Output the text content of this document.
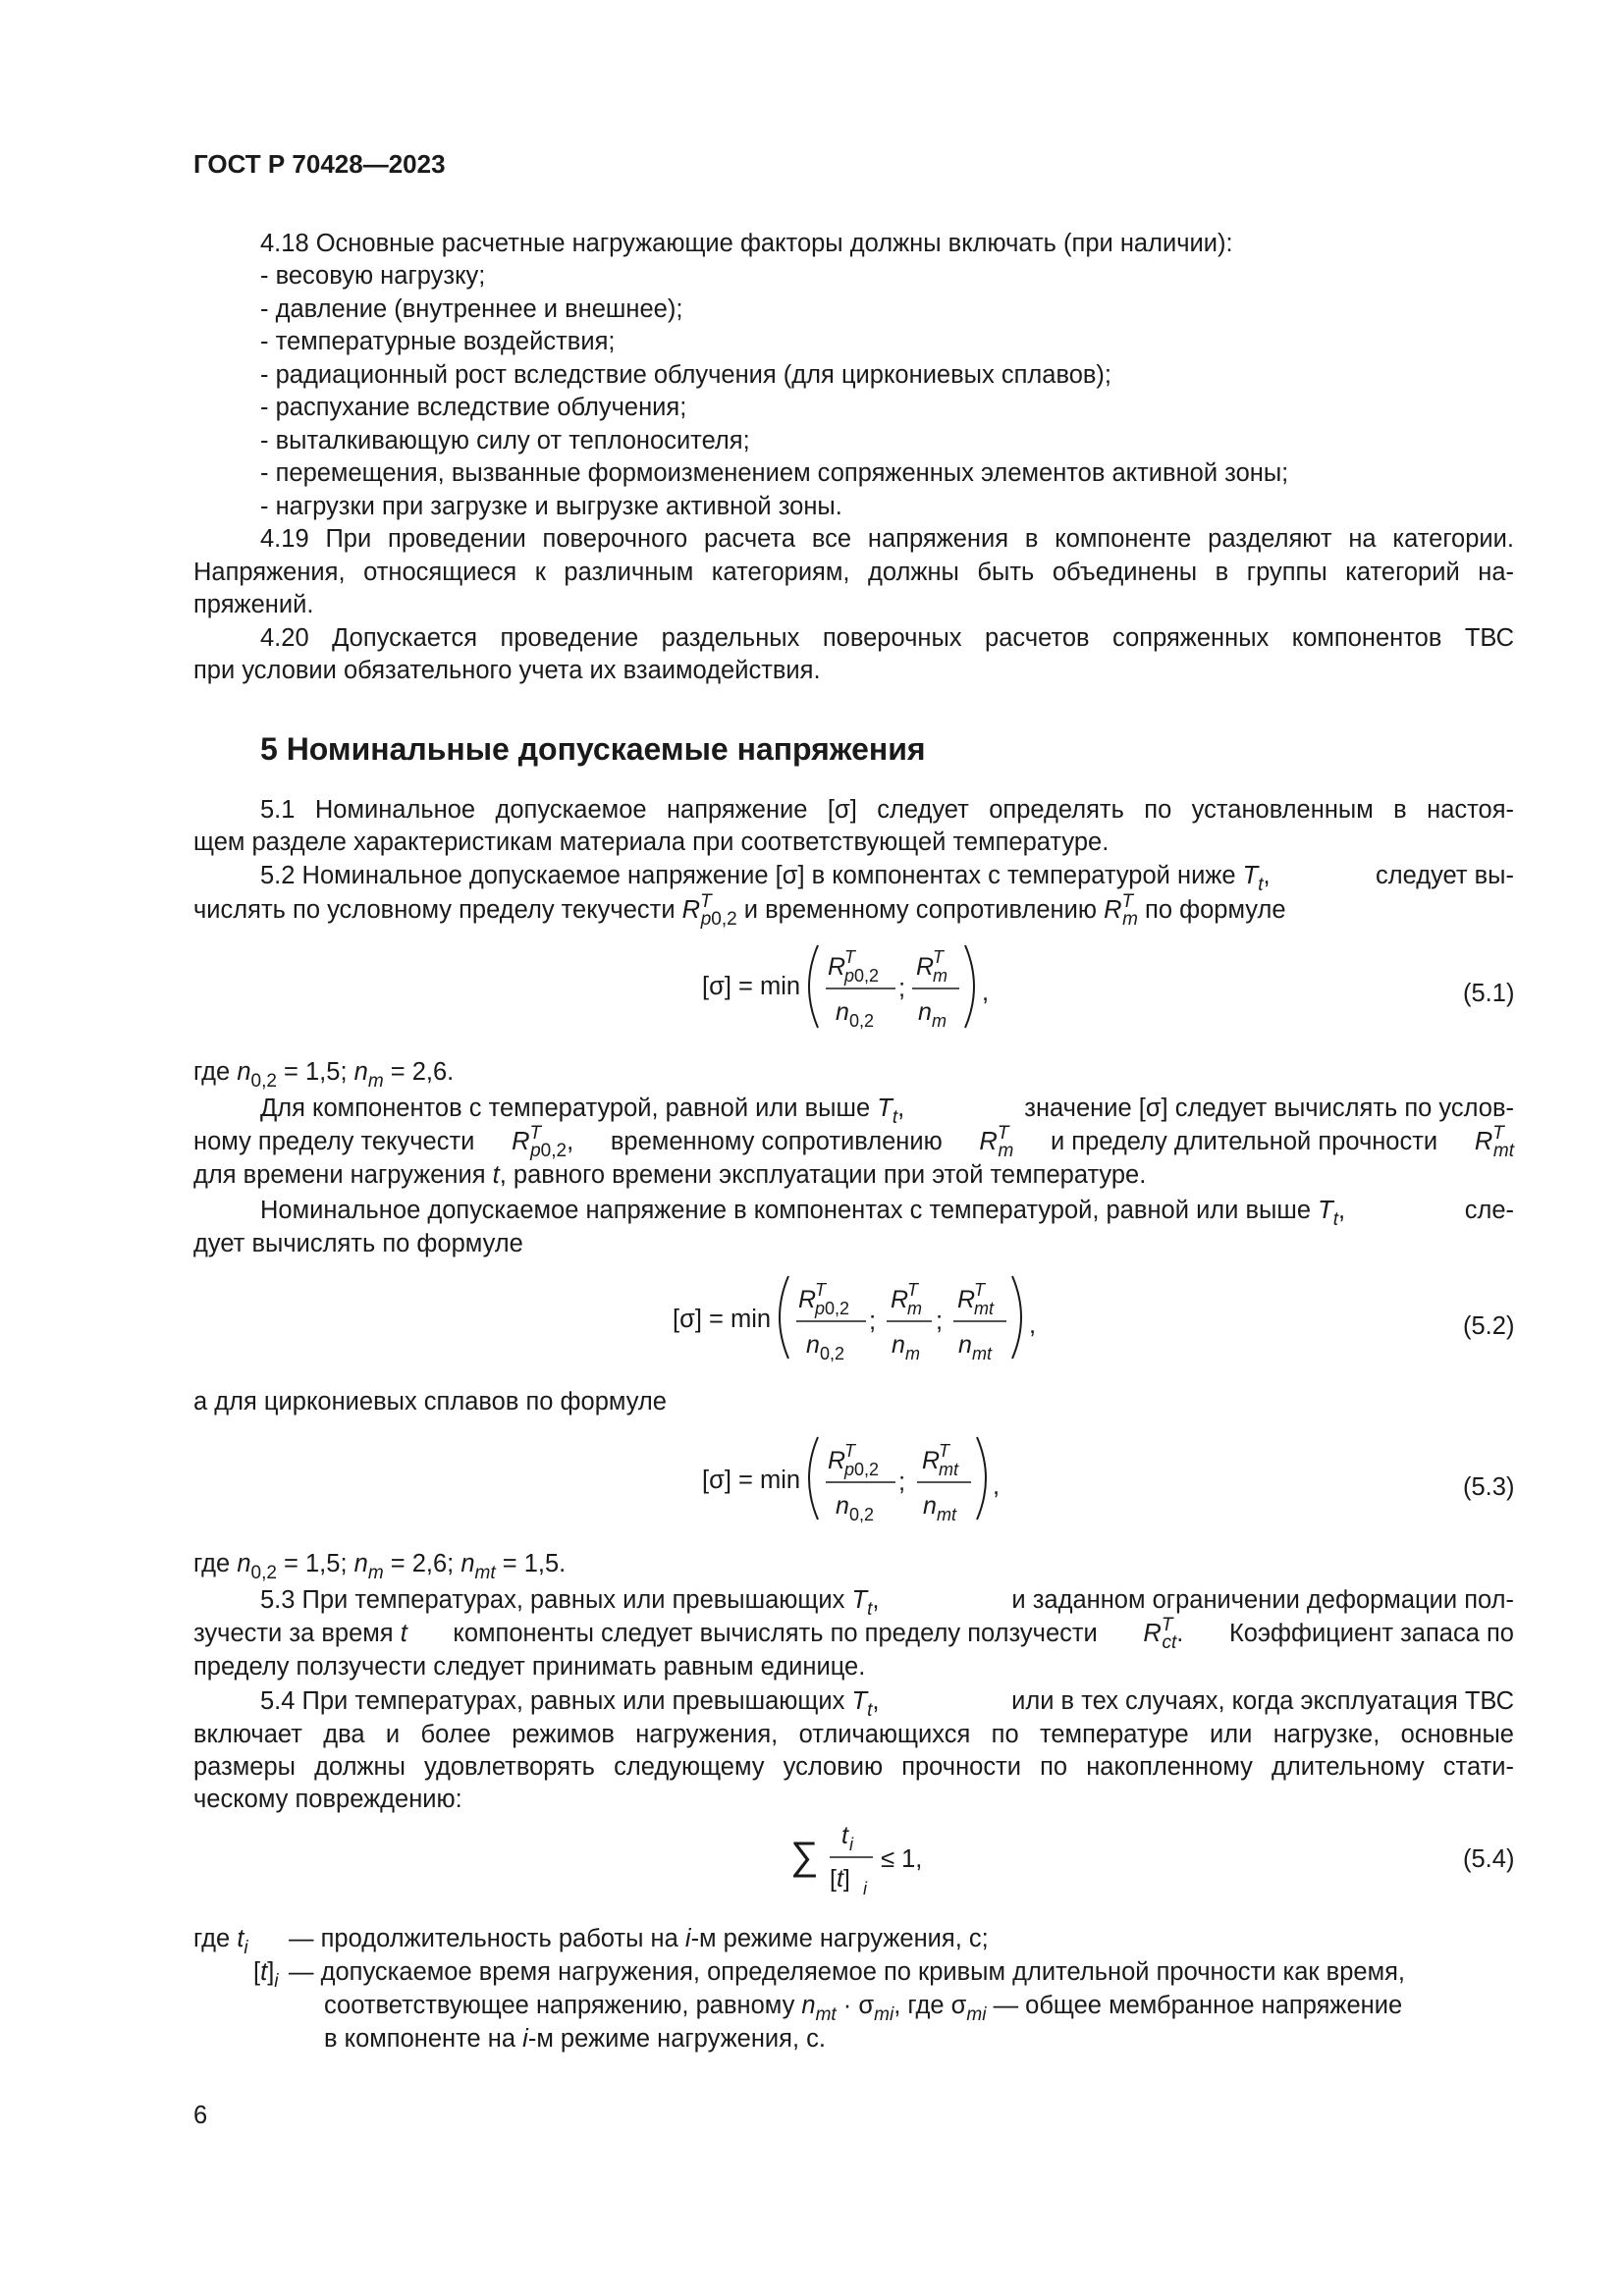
ГОСТ Р 70428—2023
4.18 Основные расчетные нагружающие факторы должны включать (при наличии):
- весовую нагрузку;
- давление (внутреннее и внешнее);
- температурные воздействия;
- радиационный рост вследствие облучения (для циркониевых сплавов);
- распухание вследствие облучения;
- выталкивающую силу от теплоносителя;
- перемещения, вызванные формоизменением сопряженных элементов активной зоны;
- нагрузки при загрузке и выгрузке активной зоны.
4.19 При проведении поверочного расчета все напряжения в компоненте разделяют на категории.
Напряжения, относящиеся к различным категориям, должны быть объединены в группы категорий на-
пряжений.
4.20 Допускается проведение раздельных поверочных расчетов сопряженных компонентов ТВС
при условии обязательного учета их взаимодействия.
5 Номинальные допускаемые напряжения
5.1 Номинальное допускаемое напряжение [σ] следует определять по установленным в настоя-
щем разделе характеристикам материала при соответствующей температуре.
5.2 Номинальное допускаемое напряжение [σ] в компонентах с температурой ниже $T_t$,	следует вы-
числять по условному пределу текучести $R^T_{p0,2}$ и временному сопротивлению $R^T_m$ по формуле
[σ] = min
R
T
p0,2
n 0,2
;
R
T
m
n m
,	(5.1)
где $n_{0,2} = 1,5$; $n_m = 2,6$.
Для компонентов с температурой, равной или выше $T_t$,	значение [σ] следует вычислять по услов-
ному пределу текучести $R^T_{p0,2}$, временному сопротивлению $R^T_m$ и пределу длительной прочности $R^T_{mt}$
для времени нагружения t, равного времени эксплуатации при этой температуре.
Номинальное допускаемое напряжение в компонентах с температурой, равной или выше $T_t$,	сле-
дует вычислять по формуле
[σ] = min
R
T
p0,2
n 0,2
;
R
T
m
n m
;
R
T
mt
n mt
,	(5.2)
а для циркониевых сплавов по формуле
[σ] = min
R
T
p0,2
n 0,2
;
R
T
mt
n mt
,	(5.3)
где $n_{0,2} = 1,5$; $n_m = 2,6$; $n_{mt} = 1,5$.
5.3 При температурах, равных или превышающих $T_t$,	и заданном ограничении деформации пол-
зучести за время t компоненты следует вычислять по пределу ползучести $R^T_{ct}$. Коэффициент запаса по
пределу ползучести следует принимать равным единице.
5.4 При температурах, равных или превышающих $T_t$,	или в тех случаях, когда эксплуатация ТВС
включает два и более режимов нагружения, отличающихся по температуре или нагрузке, основные
размеры должны удовлетворять следующему условию прочности по накопленному длительному стати-
ческому повреждению:
∑ t i
[t] i
≤ 1,	(5.4)
где $t_i$ — продолжительность работы на i-м режиме нагружения, с;
$[t]_i$ — допускаемое время нагружения, определяемое по кривым длительной прочности как время,
соответствующее напряжению, равному $n_{mt} \cdot \sigma_{mi}$, где $\sigma_{mi}$ — общее мембранное напряжение
в компоненте на i-м режиме нагружения, с.
6
